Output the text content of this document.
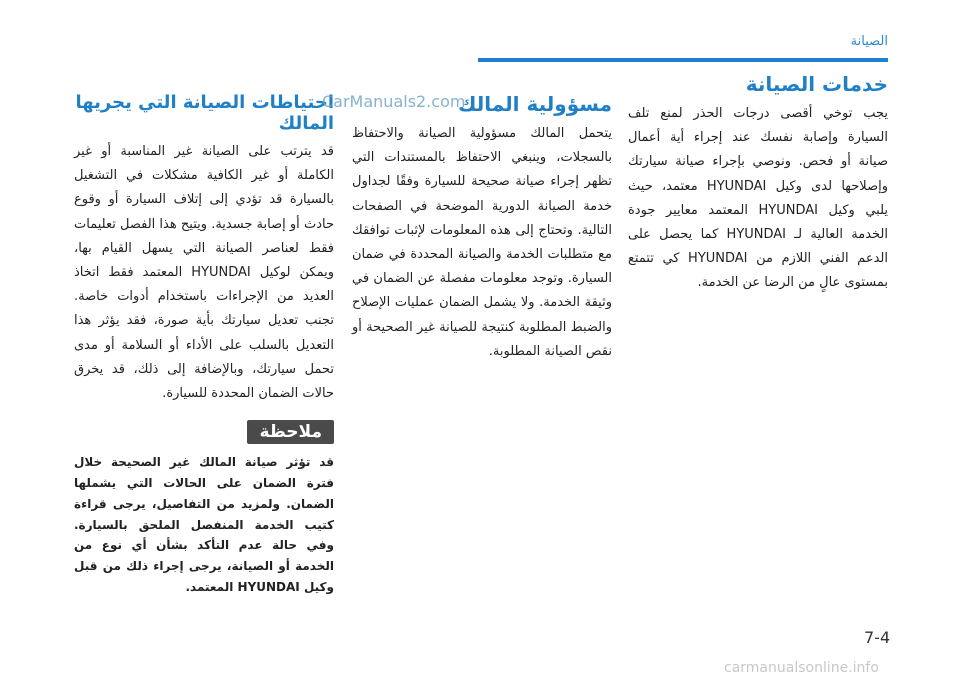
الصيانة
خدمات الصيانة

يجب توخي أقصى درجات الحذر لمنع تلف السيارة وإصابة نفسك عند إجراء أية أعمال صيانة أو فحص. ونوصي بإجراء صيانة سيارتك وإصلاحها لدى وكيل HYUNDAI معتمد، حيث يلبي وكيل HYUNDAI المعتمد معايير جودة الخدمة العالية لـ HYUNDAI كما يحصل على الدعم الفني اللازم من HYUNDAI كي تتمتع بمستوى عالٍ من الرضا عن الخدمة.

مسؤولية المالك

يتحمل المالك مسؤولية الصيانة والاحتفاظ بالسجلات، وينبغي الاحتفاظ بالمستندات التي تظهر إجراء صيانة صحيحة للسيارة وفقًا لجداول خدمة الصيانة الدورية الموضحة في الصفحات التالية. وتحتاج إلى هذه المعلومات لإثبات توافقك مع متطلبات الخدمة والصيانة المحددة في ضمان السيارة. وتوجد معلومات مفصلة عن الضمان في وثيقة الخدمة. ولا يشمل الضمان عمليات الإصلاح والضبط المطلوبة كنتيجة للصيانة غير الصحيحة أو نقص الصيانة المطلوبة.

احتياطات الصيانة التي يجريها المالك

قد يترتب على الصيانة غير المناسبة أو غير الكاملة أو غير الكافية مشكلات في التشغيل بالسيارة قد تؤدي إلى إتلاف السيارة أو وقوع حادث أو إصابة جسدية. ويتيح هذا الفصل تعليمات فقط لعناصر الصيانة التي يسهل القيام بها، ويمكن لوكيل HYUNDAI المعتمد فقط اتخاذ العديد من الإجراءات باستخدام أدوات خاصة. تجنب تعديل سيارتك بأية صورة، فقد يؤثر هذا التعديل بالسلب على الأداء أو السلامة أو مدى تحمل سيارتك، وبالإضافة إلى ذلك، قد يخرق حالات الضمان المحددة للسيارة.

ملاحظة

قد تؤثر صيانة المالك غير الصحيحة خلال فترة الضمان على الحالات التي يشملها الضمان. ولمزيد من التفاصيل، يرجى قراءة كتيب الخدمة المنفصل الملحق بالسيارة. وفي حالة عدم التأكد بشأن أي نوع من الخدمة أو الصيانة، يرجى إجراء ذلك من قبل وكيل HYUNDAI المعتمد.

CarManuals2.com
7-4
carmanualsonline.info
